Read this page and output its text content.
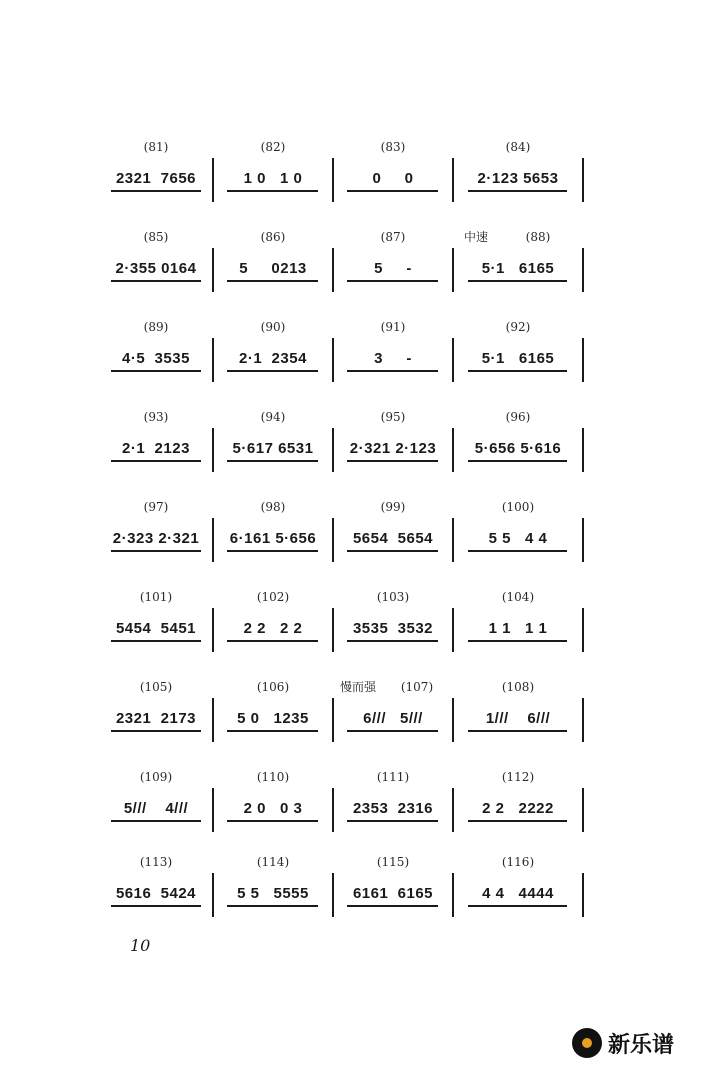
(81)
2321  7656
(82)
1 0   1 0
(83)
0     0
(84)
2·123 5653
(85)
2·355 0164
(86)
5     0213
(87)
5     -
中速	(88)
5·1   6165
(89)
4·5  3535
(90)
2·1  2354
(91)
3     -
(92)
5·1   6165
(93)
2·1  2123
(94)
5·617 6531
(95)
2·321 2·123
(96)
5·656 5·616
(97)
2·323 2·321
(98)
6·161 5·656
(99)
5654  5654
(100)
5 5   4 4
(101)
5454  5451
(102)
2 2   2 2
(103)
3535  3532
(104)
1 1   1 1
(105)
2321  2173
(106)
5 0   1235
慢而强	(107)
6///   5///
(108)
1///    6///
(109)
5///    4///
(110)
2 0   0 3
(111)
2353  2316
(112)
2 2   2222
(113)
5616  5424
(114)
5 5   5555
(115)
6161  6165
(116)
4 4   4444
10
新乐谱
